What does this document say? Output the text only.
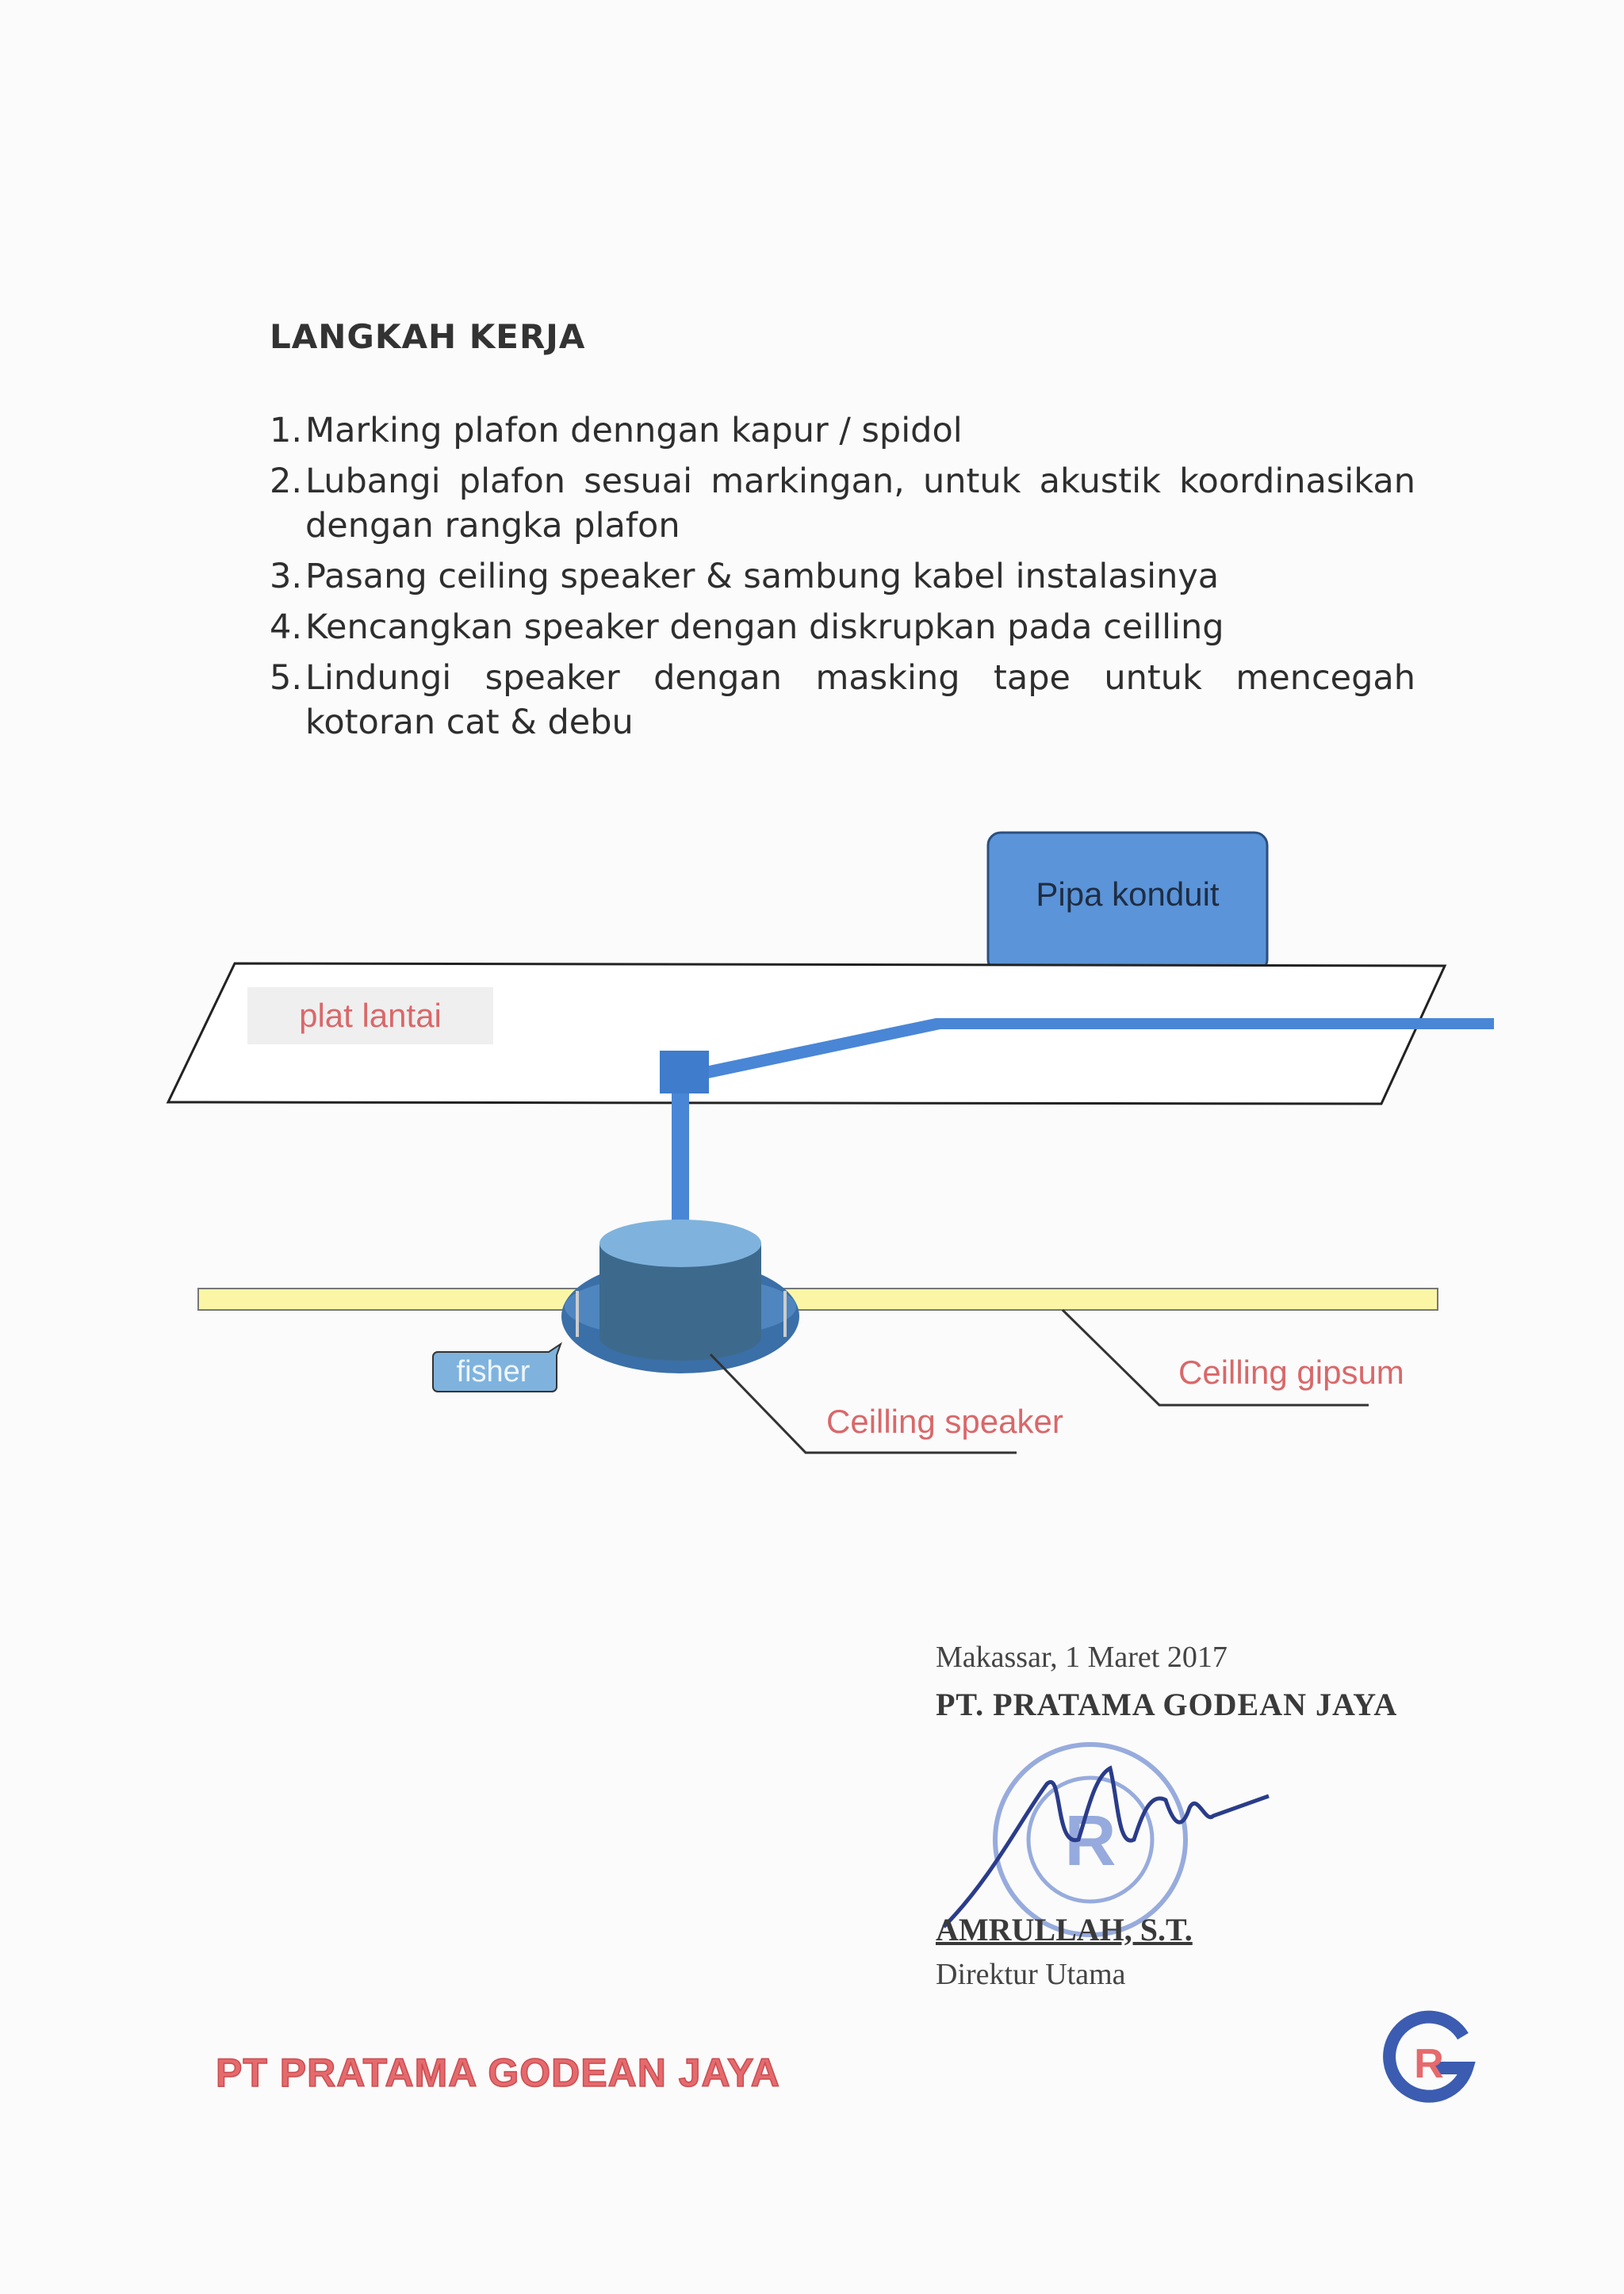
LANGKAH KERJA
1. Marking plafon denngan kapur / spidol
2. Lubangi plafon sesuai markingan, untuk akustik koordinasikan dengan rangka plafon
3. Pasang ceiling speaker & sambung kabel instalasinya
4. Kencangkan speaker dengan diskrupkan pada ceilling
5. Lindungi speaker dengan masking tape untuk mencegah kotoran cat & debu
Pipa konduit
plat lantai
fisher
Ceilling speaker
Ceilling gipsum
R
Makassar, 1 Maret 2017
PT. PRATAMA GODEAN JAYA
AMRULLAH, S.T.
Direktur Utama
PT PRATAMA GODEAN JAYA	R
